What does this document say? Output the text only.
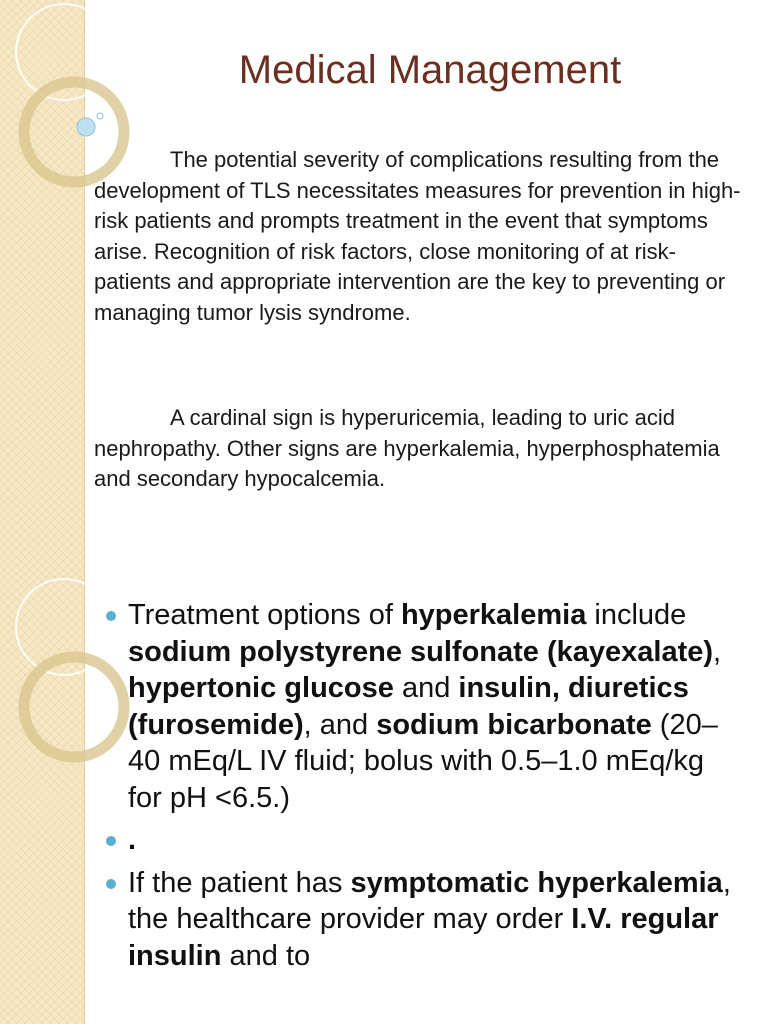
Medical Management

The potential severity of complications resulting from the development of TLS necessitates measures for prevention in high-risk patients and prompts treatment in the event that symptoms arise. Recognition of risk factors, close monitoring of at risk-patients and appropriate intervention are the key to preventing or managing tumor lysis syndrome.

A cardinal sign is hyperuricemia, leading to uric acid nephropathy. Other signs are hyperkalemia, hyperphosphatemia and secondary hypocalcemia.

Treatment options of hyperkalemia include sodium polystyrene sulfonate (kayexalate), hypertonic glucose and insulin, diuretics (furosemide), and sodium bicarbonate (20–40 mEq/L IV fluid; bolus with 0.5–1.0 mEq/kg for pH <6.5.)
.
If the patient has symptomatic hyperkalemia, the healthcare provider may order I.V. regular insulin and to
